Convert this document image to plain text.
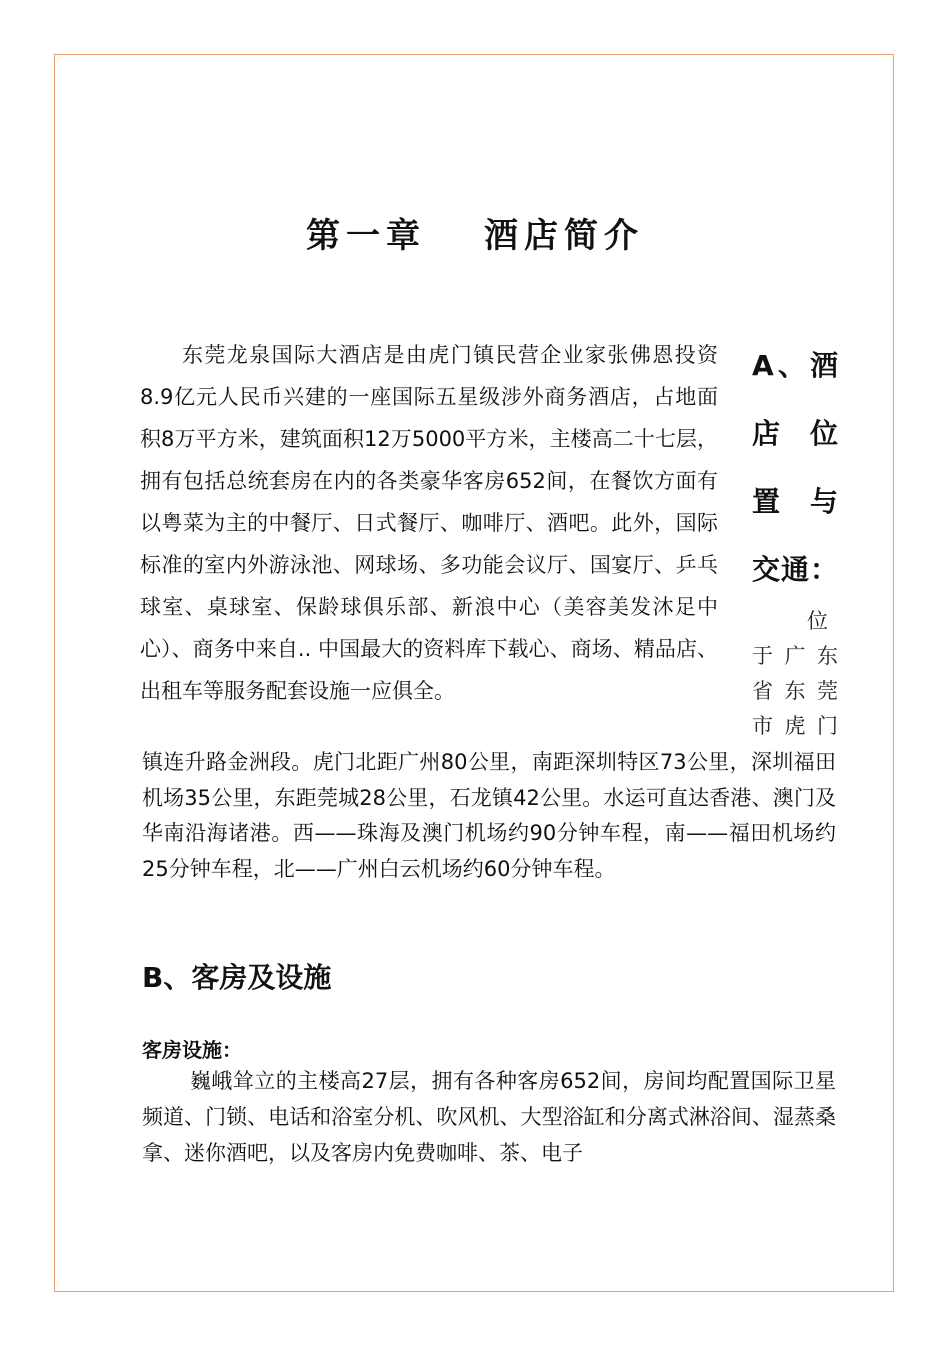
第一章 酒店简介

东莞龙泉国际大酒店是由虎门镇民营企业家张佛恩投资8.9亿元人民币兴建的一座国际五星级涉外商务酒店，占地面积8万平方米，建筑面积12万5000平方米，主楼高二十七层，拥有包括总统套房在内的各类豪华客房652间，在餐饮方面有以粤菜为主的中餐厅、日式餐厅、咖啡厅、酒吧。此外，国际标准的室内外游泳池、网球场、多功能会议厅、国宴厅、乒乓球室、桌球室、保龄球俱乐部、新浪中心（美容美发沐足中心）、商务中来自.. 中国最大的资料库下载心、商场、精品店、出租车等服务配套设施一应俱全。

A、酒
店 位
置 与
交通：
位
于广东
省东莞
市虎门

镇连升路金洲段。虎门北距广州80公里，南距深圳特区73公里，深圳福田机场35公里，东距莞城28公里，石龙镇42公里。水运可直达香港、澳门及华南沿海诸港。西——珠海及澳门机场约90分钟车程，南——福田机场约25分钟车程，北——广州白云机场约60分钟车程。

B、客房及设施
客房设施：

巍峨耸立的主楼高27层，拥有各种客房652间，房间均配置国际卫星频道、门锁、电话和浴室分机、吹风机、大型浴缸和分离式淋浴间、湿蒸桑拿、迷你酒吧，以及客房内免费咖啡、茶、电子
